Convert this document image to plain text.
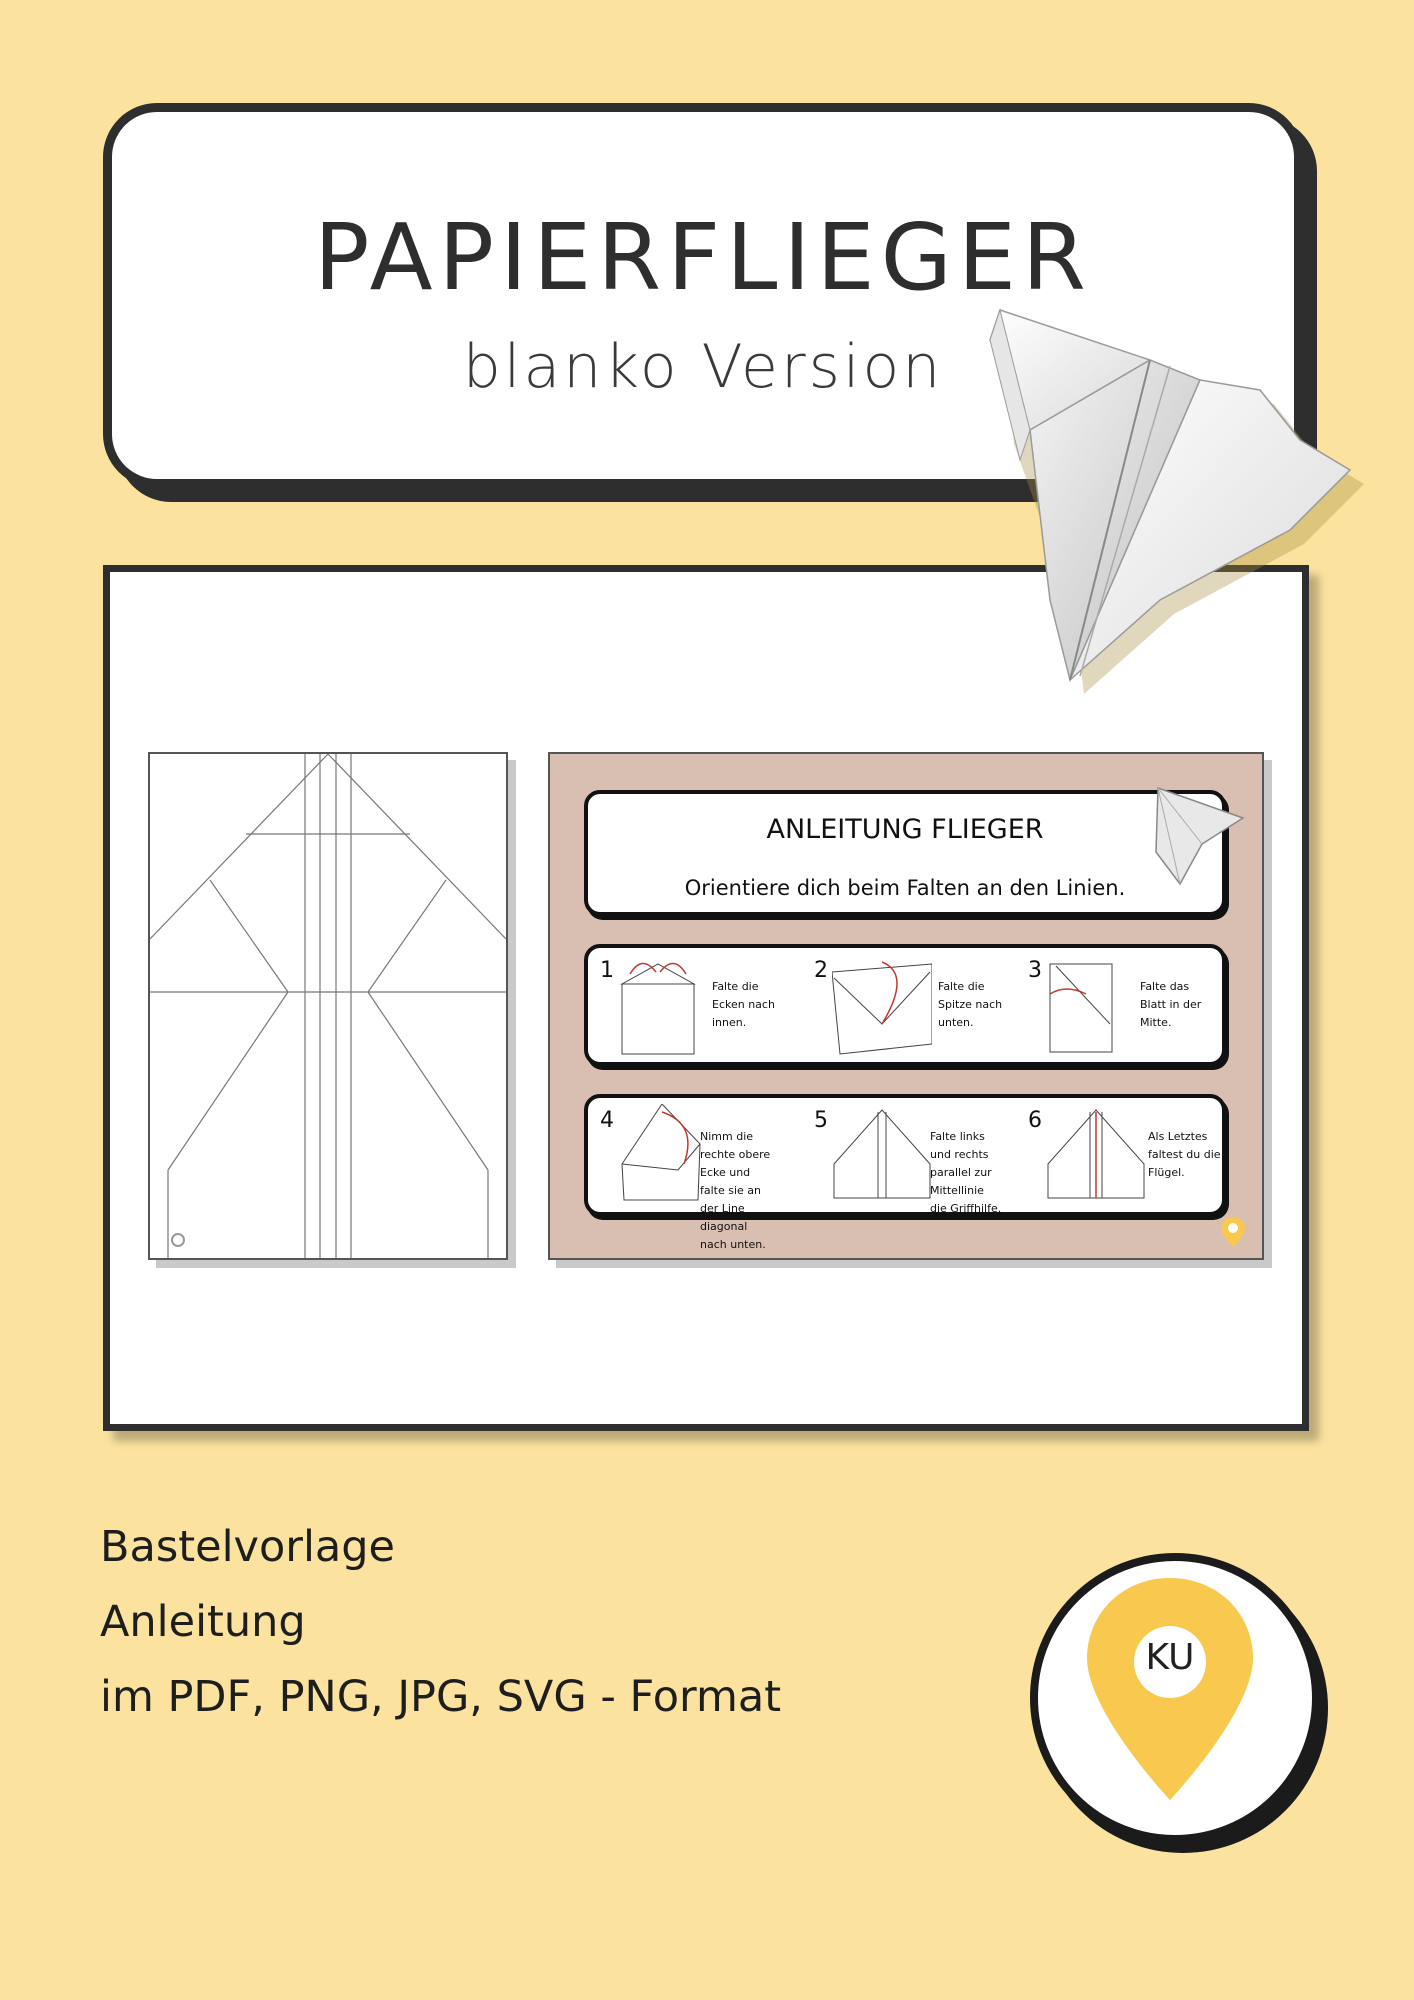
PAPIERFLIEGER
blanko Version
ANLEITUNG FLIEGER
Orientiere dich beim Falten an den Linien.
1
Falte die Ecken nach innen.
2
Falte die Spitze nach unten.
3
Falte das Blatt in der Mitte.
4
Nimm die rechte obere Ecke und falte sie an der Line diagonal nach unten.
5
Falte links und rechts parallel zur Mittellinie die Griffhilfe.
6
Als Letztes faltest du die Flügel.
Bastelvorlage
Anleitung
im PDF, PNG, JPG, SVG - Format
KU
